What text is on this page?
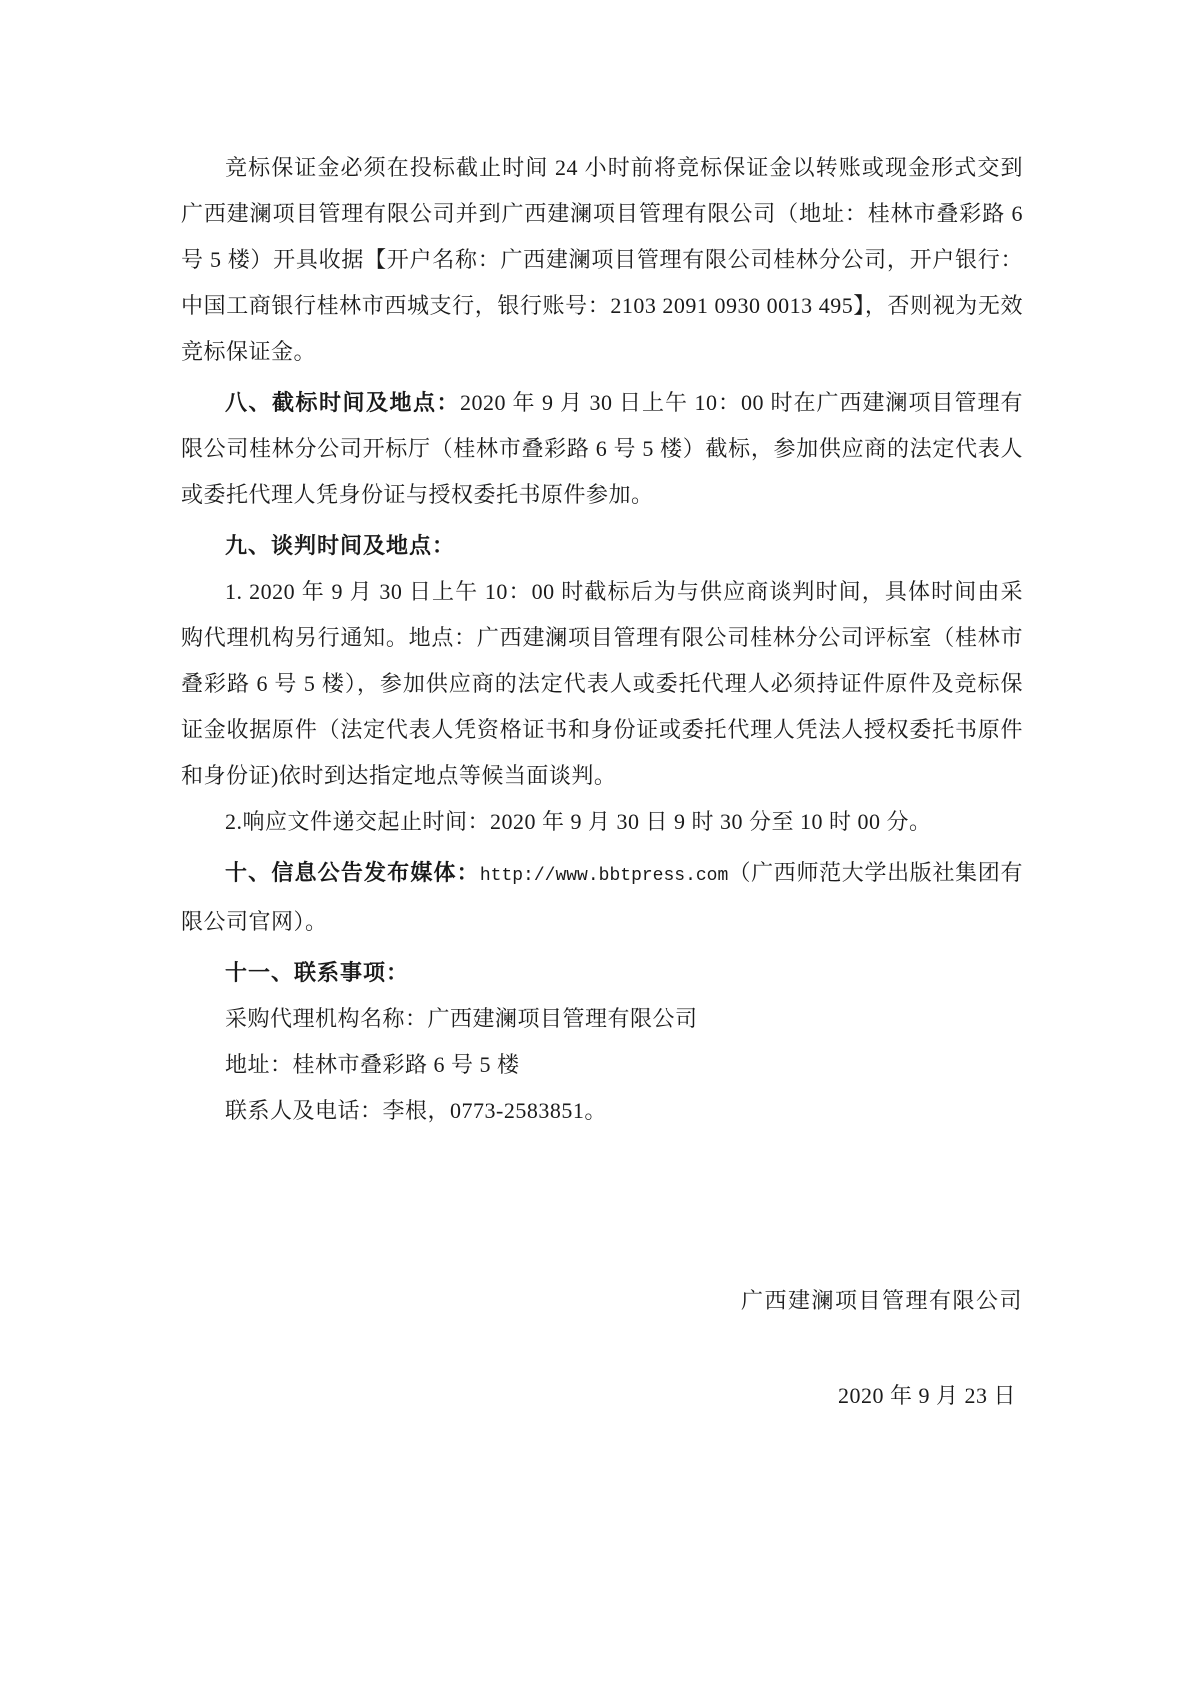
竞标保证金必须在投标截止时间 24 小时前将竞标保证金以转账或现金形式交到广西建澜项目管理有限公司并到广西建澜项目管理有限公司（地址：桂林市叠彩路 6 号 5 楼）开具收据【开户名称：广西建澜项目管理有限公司桂林分公司，开户银行：中国工商银行桂林市西城支行，银行账号：2103 2091 0930 0013 495】，否则视为无效竞标保证金。

八、截标时间及地点：2020 年 9 月 30 日上午 10：00 时在广西建澜项目管理有限公司桂林分公司开标厅（桂林市叠彩路 6 号 5 楼）截标，参加供应商的法定代表人或委托代理人凭身份证与授权委托书原件参加。

九、谈判时间及地点：

1. 2020 年 9 月 30 日上午 10：00 时截标后为与供应商谈判时间，具体时间由采购代理机构另行通知。地点：广西建澜项目管理有限公司桂林分公司评标室（桂林市叠彩路 6 号 5 楼），参加供应商的法定代表人或委托代理人必须持证件原件及竞标保证金收据原件（法定代表人凭资格证书和身份证或委托代理人凭法人授权委托书原件和身份证)依时到达指定地点等候当面谈判。

2.响应文件递交起止时间：2020 年 9 月 30 日 9 时 30 分至 10 时 00 分。

十、信息公告发布媒体：http://www.bbtpress.com（广西师范大学出版社集团有限公司官网）。

十一、联系事项：

采购代理机构名称：广西建澜项目管理有限公司

地址：桂林市叠彩路 6 号 5 楼

联系人及电话：李根，0773-2583851。

广西建澜项目管理有限公司
2020 年 9 月 23 日
